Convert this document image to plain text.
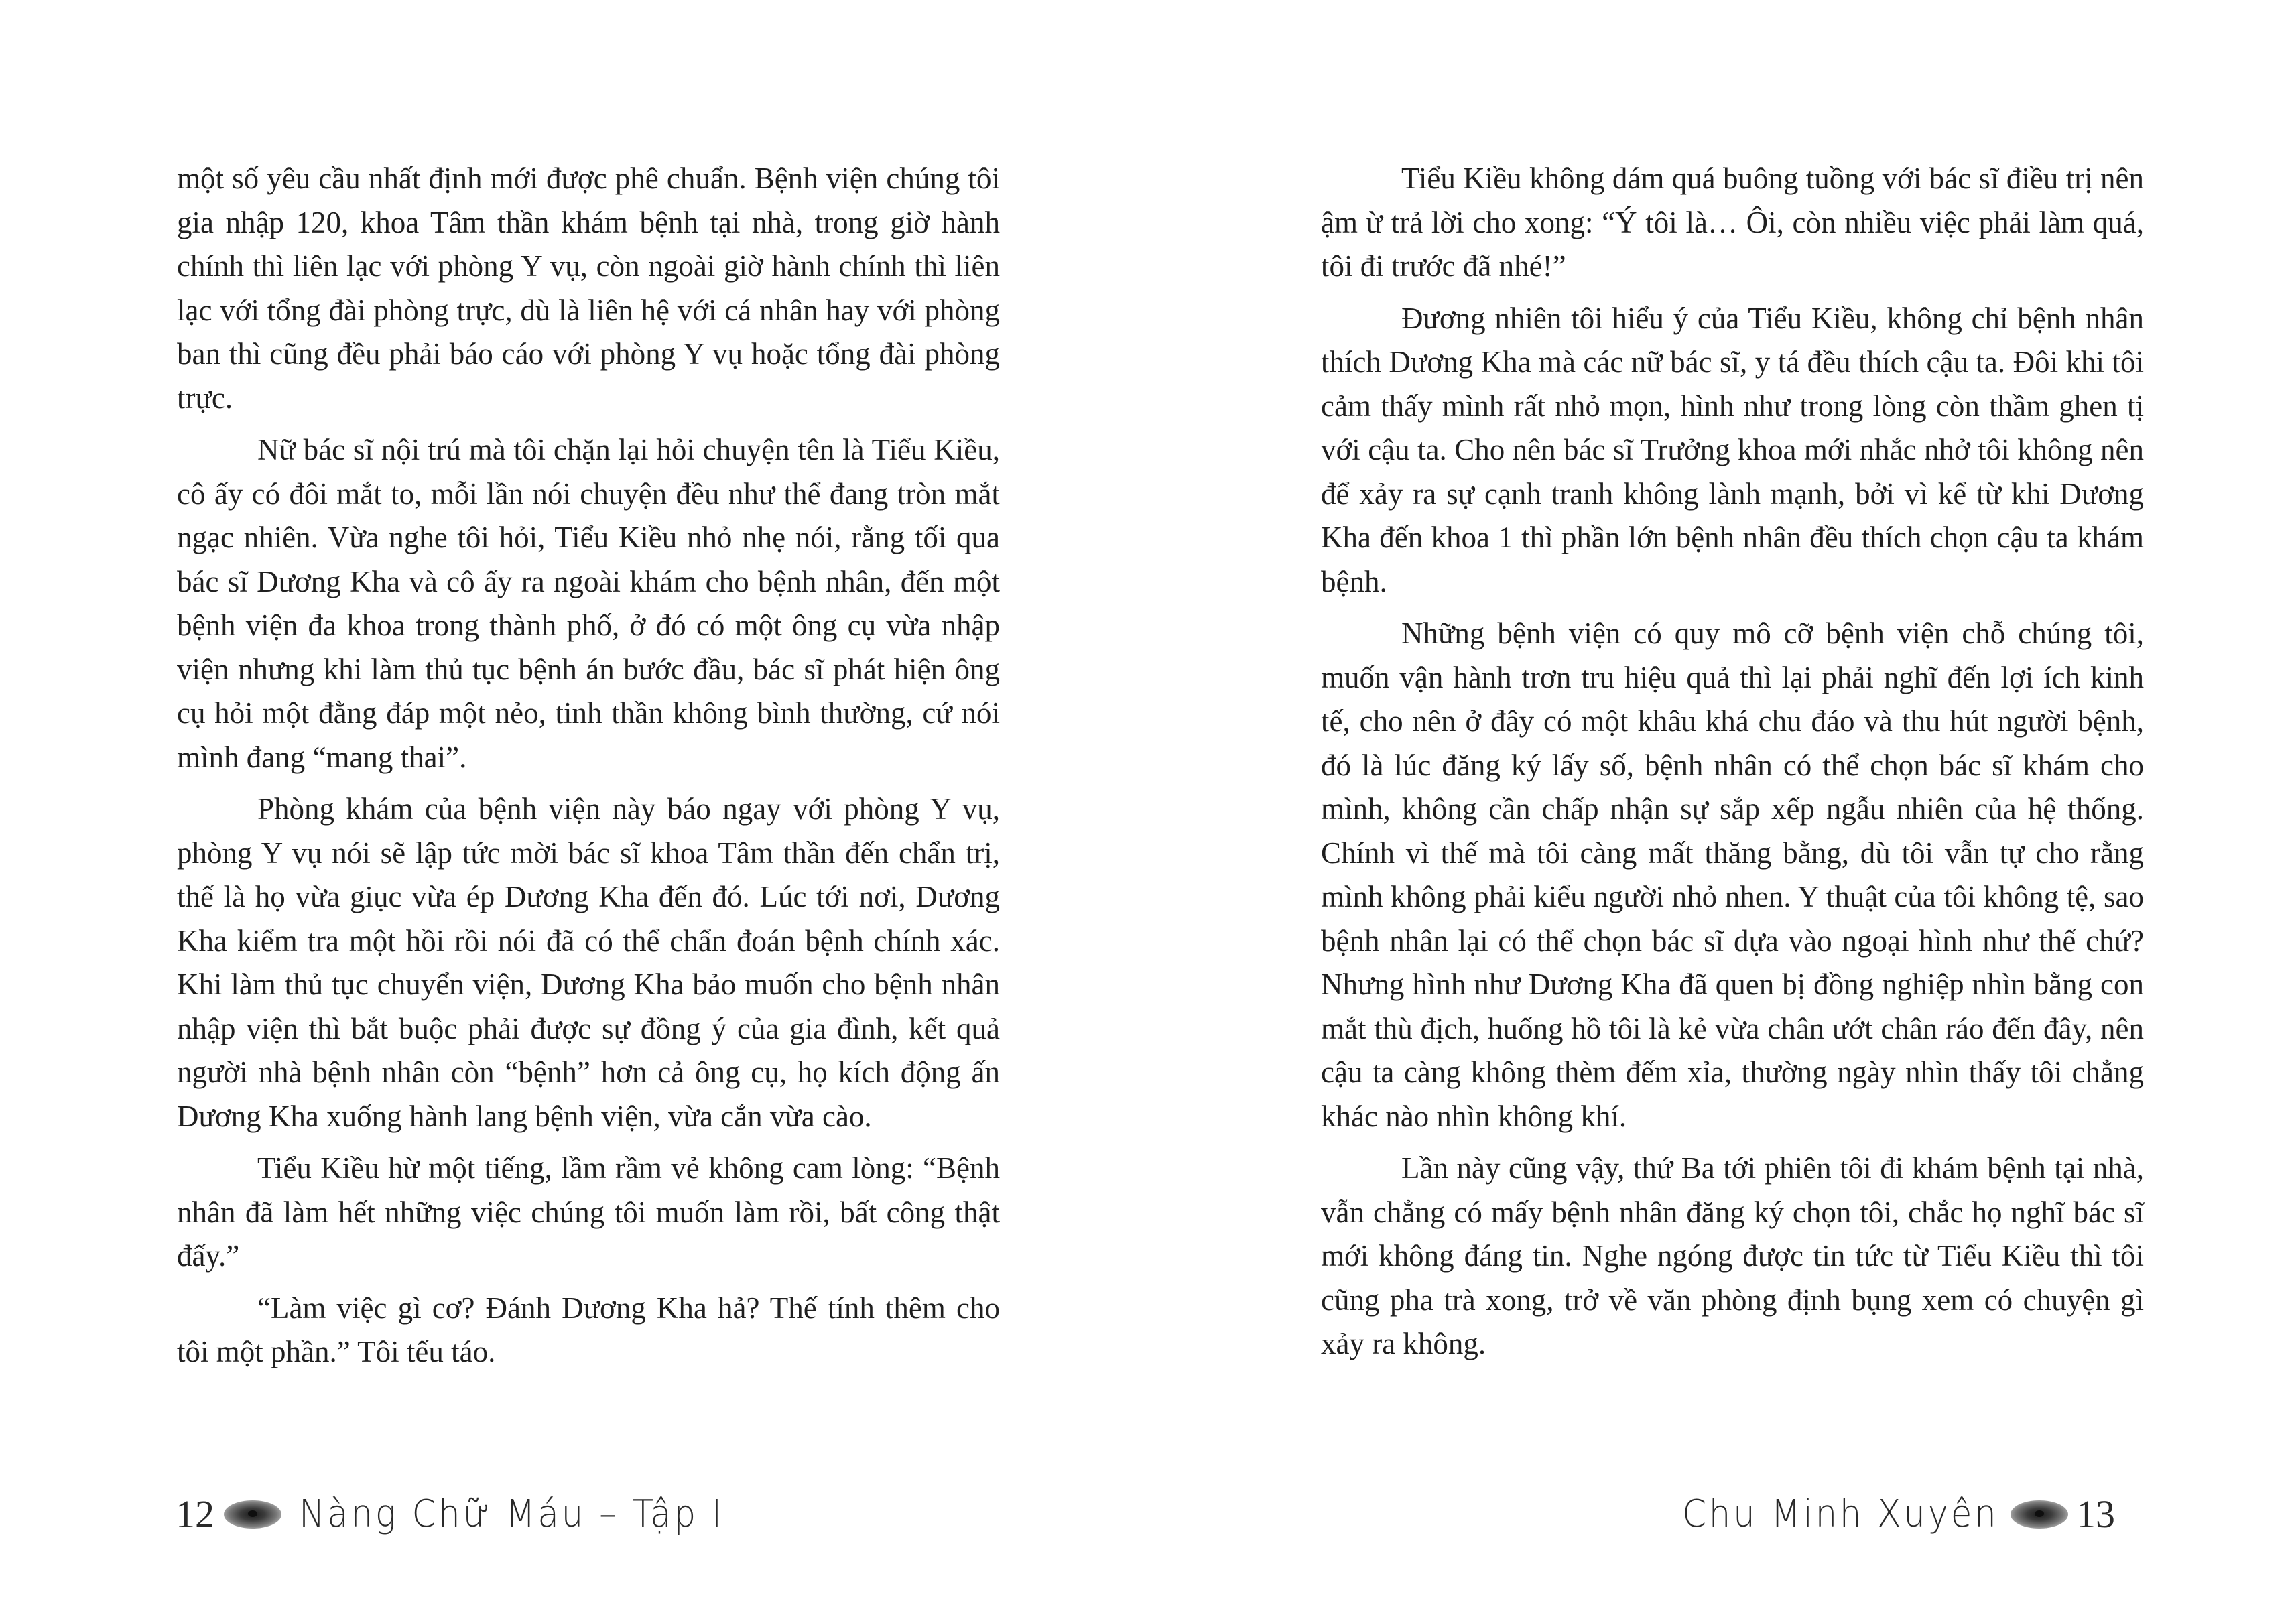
một số yêu cầu nhất định mới được phê chuẩn. Bệnh viện chúng tôi gia nhập 120, khoa Tâm thần khám bệnh tại nhà, trong giờ hành chính thì liên lạc với phòng Y vụ, còn ngoài giờ hành chính thì liên lạc với tổng đài phòng trực, dù là liên hệ với cá nhân hay với phòng ban thì cũng đều phải báo cáo với phòng Y vụ hoặc tổng đài phòng trực.

Nữ bác sĩ nội trú mà tôi chặn lại hỏi chuyện tên là Tiểu Kiều, cô ấy có đôi mắt to, mỗi lần nói chuyện đều như thể đang tròn mắt ngạc nhiên. Vừa nghe tôi hỏi, Tiểu Kiều nhỏ nhẹ nói, rằng tối qua bác sĩ Dương Kha và cô ấy ra ngoài khám cho bệnh nhân, đến một bệnh viện đa khoa trong thành phố, ở đó có một ông cụ vừa nhập viện nhưng khi làm thủ tục bệnh án bước đầu, bác sĩ phát hiện ông cụ hỏi một đằng đáp một nẻo, tinh thần không bình thường, cứ nói mình đang “mang thai”.

Phòng khám của bệnh viện này báo ngay với phòng Y vụ, phòng Y vụ nói sẽ lập tức mời bác sĩ khoa Tâm thần đến chẩn trị, thế là họ vừa giục vừa ép Dương Kha đến đó. Lúc tới nơi, Dương Kha kiểm tra một hồi rồi nói đã có thể chẩn đoán bệnh chính xác. Khi làm thủ tục chuyển viện, Dương Kha bảo muốn cho bệnh nhân nhập viện thì bắt buộc phải được sự đồng ý của gia đình, kết quả người nhà bệnh nhân còn “bệnh” hơn cả ông cụ, họ kích động ấn Dương Kha xuống hành lang bệnh viện, vừa cắn vừa cào.

Tiểu Kiều hừ một tiếng, lầm rầm vẻ không cam lòng: “Bệnh nhân đã làm hết những việc chúng tôi muốn làm rồi, bất công thật đấy.”

“Làm việc gì cơ? Đánh Dương Kha hả? Thế tính thêm cho tôi một phần.” Tôi tếu táo.

12 Nàng Chữ Máu – Tập I

Tiểu Kiều không dám quá buông tuồng với bác sĩ điều trị nên ậm ừ trả lời cho xong: “Ý tôi là… Ôi, còn nhiều việc phải làm quá, tôi đi trước đã nhé!”

Đương nhiên tôi hiểu ý của Tiểu Kiều, không chỉ bệnh nhân thích Dương Kha mà các nữ bác sĩ, y tá đều thích cậu ta. Đôi khi tôi cảm thấy mình rất nhỏ mọn, hình như trong lòng còn thầm ghen tị với cậu ta. Cho nên bác sĩ Trưởng khoa mới nhắc nhở tôi không nên để xảy ra sự cạnh tranh không lành mạnh, bởi vì kể từ khi Dương Kha đến khoa 1 thì phần lớn bệnh nhân đều thích chọn cậu ta khám bệnh.

Những bệnh viện có quy mô cỡ bệnh viện chỗ chúng tôi, muốn vận hành trơn tru hiệu quả thì lại phải nghĩ đến lợi ích kinh tế, cho nên ở đây có một khâu khá chu đáo và thu hút người bệnh, đó là lúc đăng ký lấy số, bệnh nhân có thể chọn bác sĩ khám cho mình, không cần chấp nhận sự sắp xếp ngẫu nhiên của hệ thống. Chính vì thế mà tôi càng mất thăng bằng, dù tôi vẫn tự cho rằng mình không phải kiểu người nhỏ nhen. Y thuật của tôi không tệ, sao bệnh nhân lại có thể chọn bác sĩ dựa vào ngoại hình như thế chứ? Nhưng hình như Dương Kha đã quen bị đồng nghiệp nhìn bằng con mắt thù địch, huống hồ tôi là kẻ vừa chân ướt chân ráo đến đây, nên cậu ta càng không thèm đếm xỉa, thường ngày nhìn thấy tôi chẳng khác nào nhìn không khí.

Lần này cũng vậy, thứ Ba tới phiên tôi đi khám bệnh tại nhà, vẫn chẳng có mấy bệnh nhân đăng ký chọn tôi, chắc họ nghĩ bác sĩ mới không đáng tin. Nghe ngóng được tin tức từ Tiểu Kiều thì tôi cũng pha trà xong, trở về văn phòng định bụng xem có chuyện gì xảy ra không.

Chu Minh Xuyên 13
